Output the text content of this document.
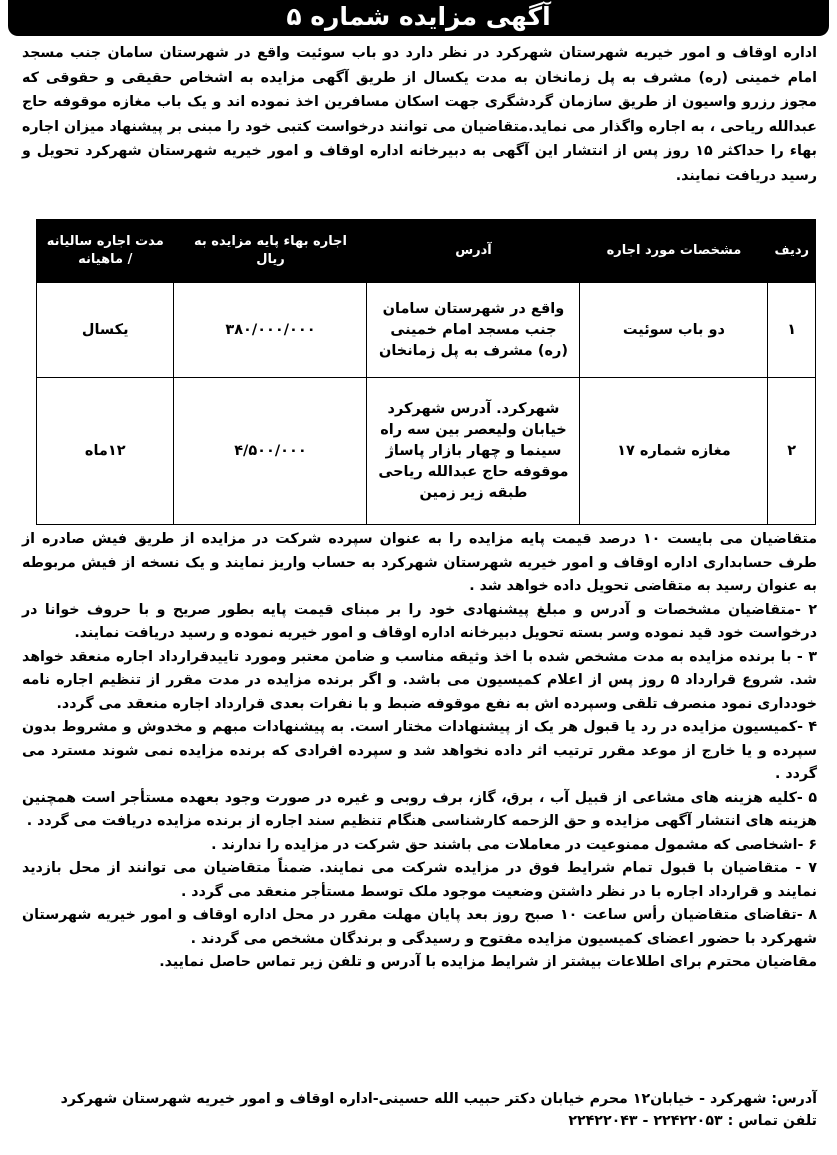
آگهی مزایده شماره ۵
اداره اوقاف و امور خیریه شهرستان شهرکرد در نظر دارد دو باب سوئیت واقع در شهرستان سامان جنب مسجد امام خمینی (ره) مشرف به پل زمانخان به مدت یکسال از طریق آگهی مزایده به اشخاص حقیقی و حقوقی که مجوز رزرو واسیون از طریق سازمان گردشگری جهت اسکان مسافرین اخذ نموده اند و یک باب مغازه موقوفه حاج عبدالله ریاحی ، به اجاره واگذار می نماید.متقاضیان می توانند درخواست کتبی خود را مبنی بر پیشنهاد میزان اجاره بهاء را حداکثر ۱۵ روز پس از انتشار این آگهی به دبیرخانه اداره اوقاف و امور خیریه شهرستان شهرکرد تحویل و رسید دریافت نمایند.
ردیف	مشخصات مورد اجاره	آدرس	اجاره بهاء پایه مزایده به ریال	مدت اجاره سالیانه / ماهیانه
۱	دو باب سوئیت	واقع در شهرستان سامان جنب مسجد امام خمینی (ره) مشرف به پل زمانخان	۳۸۰/۰۰۰/۰۰۰	یکسال
۲	مغازه شماره ۱۷	شهرکرد. آدرس شهرکرد خیابان ولیعصر بین سه راه سینما و چهار بازار پاساژ موقوفه حاج عبدالله ریاحی طبقه زیر زمین	۴/۵۰۰/۰۰۰	۱۲ماه

متقاضیان می بایست ۱۰ درصد قیمت پایه مزایده را به عنوان سپرده شرکت در مزایده از طریق فیش صادره از طرف حسابداری اداره اوقاف و امور خیریه شهرستان شهرکرد به حساب واریز نمایند و یک نسخه از فیش مربوطه به عنوان رسید به متقاضی تحویل داده خواهد شد .

۲ -متقاضیان مشخصات و آدرس و مبلغ پیشنهادی خود را بر مبنای قیمت پایه بطور صریح و با حروف خوانا در درخواست خود قید نموده وسر بسته تحویل دبیرخانه اداره اوقاف و امور خیریه نموده و رسید دریافت نمایند.

۳ - با برنده مزایده به مدت مشخص شده با اخذ وثیقه مناسب و ضامن معتبر ومورد تاییدقرارداد اجاره منعقد خواهد شد. شروع قرارداد ۵ روز پس از اعلام کمیسیون می باشد. و اگر برنده مزایده در مدت مقرر از تنظیم اجاره نامه خودداری نمود منصرف تلقی وسپرده اش به نفع موقوفه ضبط و با نفرات بعدی قرارداد اجاره منعقد می گردد.

۴ -کمیسیون مزایده در رد یا قبول هر یک از پیشنهادات مختار است. به پیشنهادات مبهم و مخدوش و مشروط بدون سپرده و یا خارج از موعد مقرر ترتیب اثر داده نخواهد شد و سپرده افرادی که برنده مزایده نمی شوند مسترد می گردد .

۵ -کلیه هزینه های مشاعی از قبیل آب ، برق، گاز، برف روبی و غیره در صورت وجود بعهده مستأجر است همچنین هزینه های انتشار آگهی مزایده و حق الزحمه کارشناسی هنگام تنظیم سند اجاره از برنده مزایده دریافت می گردد .

۶ -اشخاصی که مشمول ممنوعیت در معاملات می باشند حق شرکت در مزایده را ندارند .

۷ - متقاضیان با قبول تمام شرایط فوق در مزایده شرکت می نمایند. ضمناً متقاضیان می توانند از محل بازدید نمایند و قرارداد اجاره با در نظر داشتن وضعیت موجود ملک توسط مستأجر منعقد می گردد .

۸ -تقاضای متقاضیان رأس ساعت ۱۰ صبح روز بعد پایان مهلت مقرر در محل اداره اوقاف و امور خیریه شهرستان شهرکرد با حضور اعضای کمیسیون مزایده مفتوح و رسیدگی و برندگان مشخص می گردند .

مقاضیان محترم برای اطلاعات بیشتر از شرایط مزایده با آدرس و تلفن زیر تماس حاصل نمایید.

آدرس: شهرکرد - خیابان۱۲ محرم خیابان دکتر حبیب الله حسینی-اداره اوقاف و امور خیریه شهرستان شهرکرد

تلفن تماس : ۲۲۴۲۲۰۵۳ - ۲۲۴۲۲۰۴۳
